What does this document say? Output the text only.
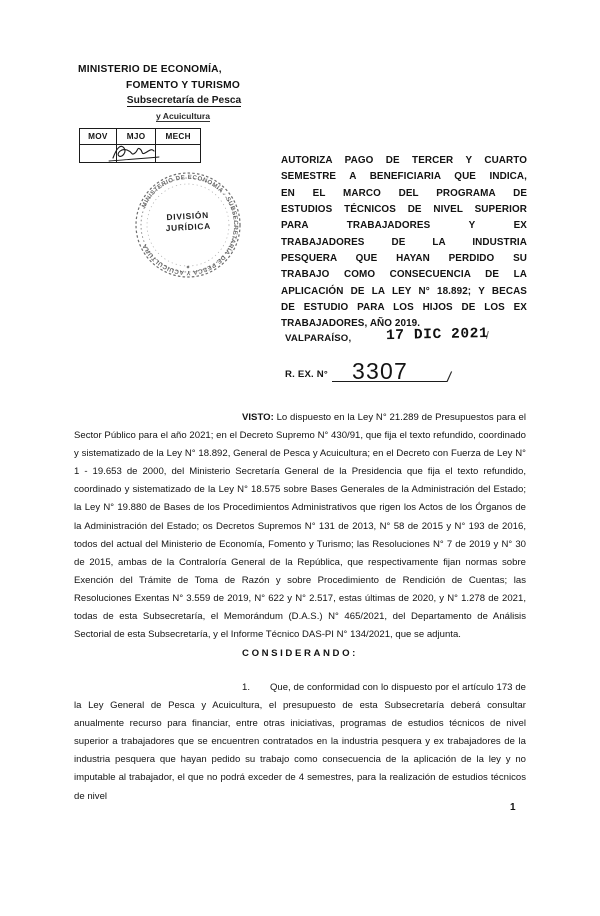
MINISTERIO DE ECONOMÍA,
FOMENTO Y TURISMO
Subsecretaría de Pesca
y Acuicultura
MOV	MJO	MECH

MINISTERIO DE ECONOMÍA · SUBSECRETARÍA DE PESCA Y ACUICULTURA
DIVISIÓN
JURÍDICA
AUTORIZA PAGO DE TERCER Y CUARTO
SEMESTRE A BENEFICIARIA QUE INDICA,
EN EL MARCO DEL PROGRAMA DE
ESTUDIOS TÉCNICOS DE NIVEL SUPERIOR
PARA TRABAJADORES Y EX
TRABAJADORES DE LA INDUSTRIA
PESQUERA QUE HAYAN PERDIDO SU
TRABAJO COMO CONSECUENCIA DE LA
APLICACIÓN DE LA LEY N° 18.892; Y BECAS
DE ESTUDIO PARA LOS HIJOS DE LOS EX
TRABAJADORES, AÑO 2019.
VALPARAÍSO, 17 DIC 2021
R. EX. N° 3307	/
VISTO: Lo dispuesto en la Ley N° 21.289 de Presupuestos para el Sector Público para el año 2021; en el Decreto Supremo N° 430/91, que fija el texto refundido, coordinado y sistematizado de la Ley N° 18.892, General de Pesca y Acuicultura; en el Decreto con Fuerza de Ley N° 1 - 19.653 de 2000, del Ministerio Secretaría General de la Presidencia que fija el texto refundido, coordinado y sistematizado de la Ley N° 18.575 sobre Bases Generales de la Administración del Estado; la Ley N° 19.880 de Bases de los Procedimientos Administrativos que rigen los Actos de los Órganos de la Administración del Estado; os Decretos Supremos N° 131 de 2013, N° 58 de 2015 y N° 193 de 2016, todos del actual del Ministerio de Economía, Fomento y Turismo; las Resoluciones N° 7 de 2019 y N° 30 de 2015, ambas de la Contraloría General de la República, que respectivamente fijan normas sobre Exención del Trámite de Toma de Razón y sobre Procedimiento de Rendición de Cuentas; las Resoluciones Exentas N° 3.559 de 2019, N° 622 y N° 2.517, estas últimas de 2020, y N° 1.278 de 2021, todas de esta Subsecretaría, el Memorándum (D.A.S.) N° 465/2021, del Departamento de Análisis Sectorial de esta Subsecretaría, y el Informe Técnico DAS-PI N° 134/2021, que se adjunta.
CONSIDERANDO:
1. Que, de conformidad con lo dispuesto por el artículo 173 de la Ley General de Pesca y Acuicultura, el presupuesto de esta Subsecretaría deberá consultar anualmente recurso para financiar, entre otras iniciativas, programas de estudios técnicos de nivel superior a trabajadores que se encuentren contratados en la industria pesquera y ex trabajadores de la industria pesquera que hayan pedido su trabajo como consecuencia de la aplicación de la ley y no imputable al trabajador, el que no podrá exceder de 4 semestres, para la realización de estudios técnicos de nivel
1
